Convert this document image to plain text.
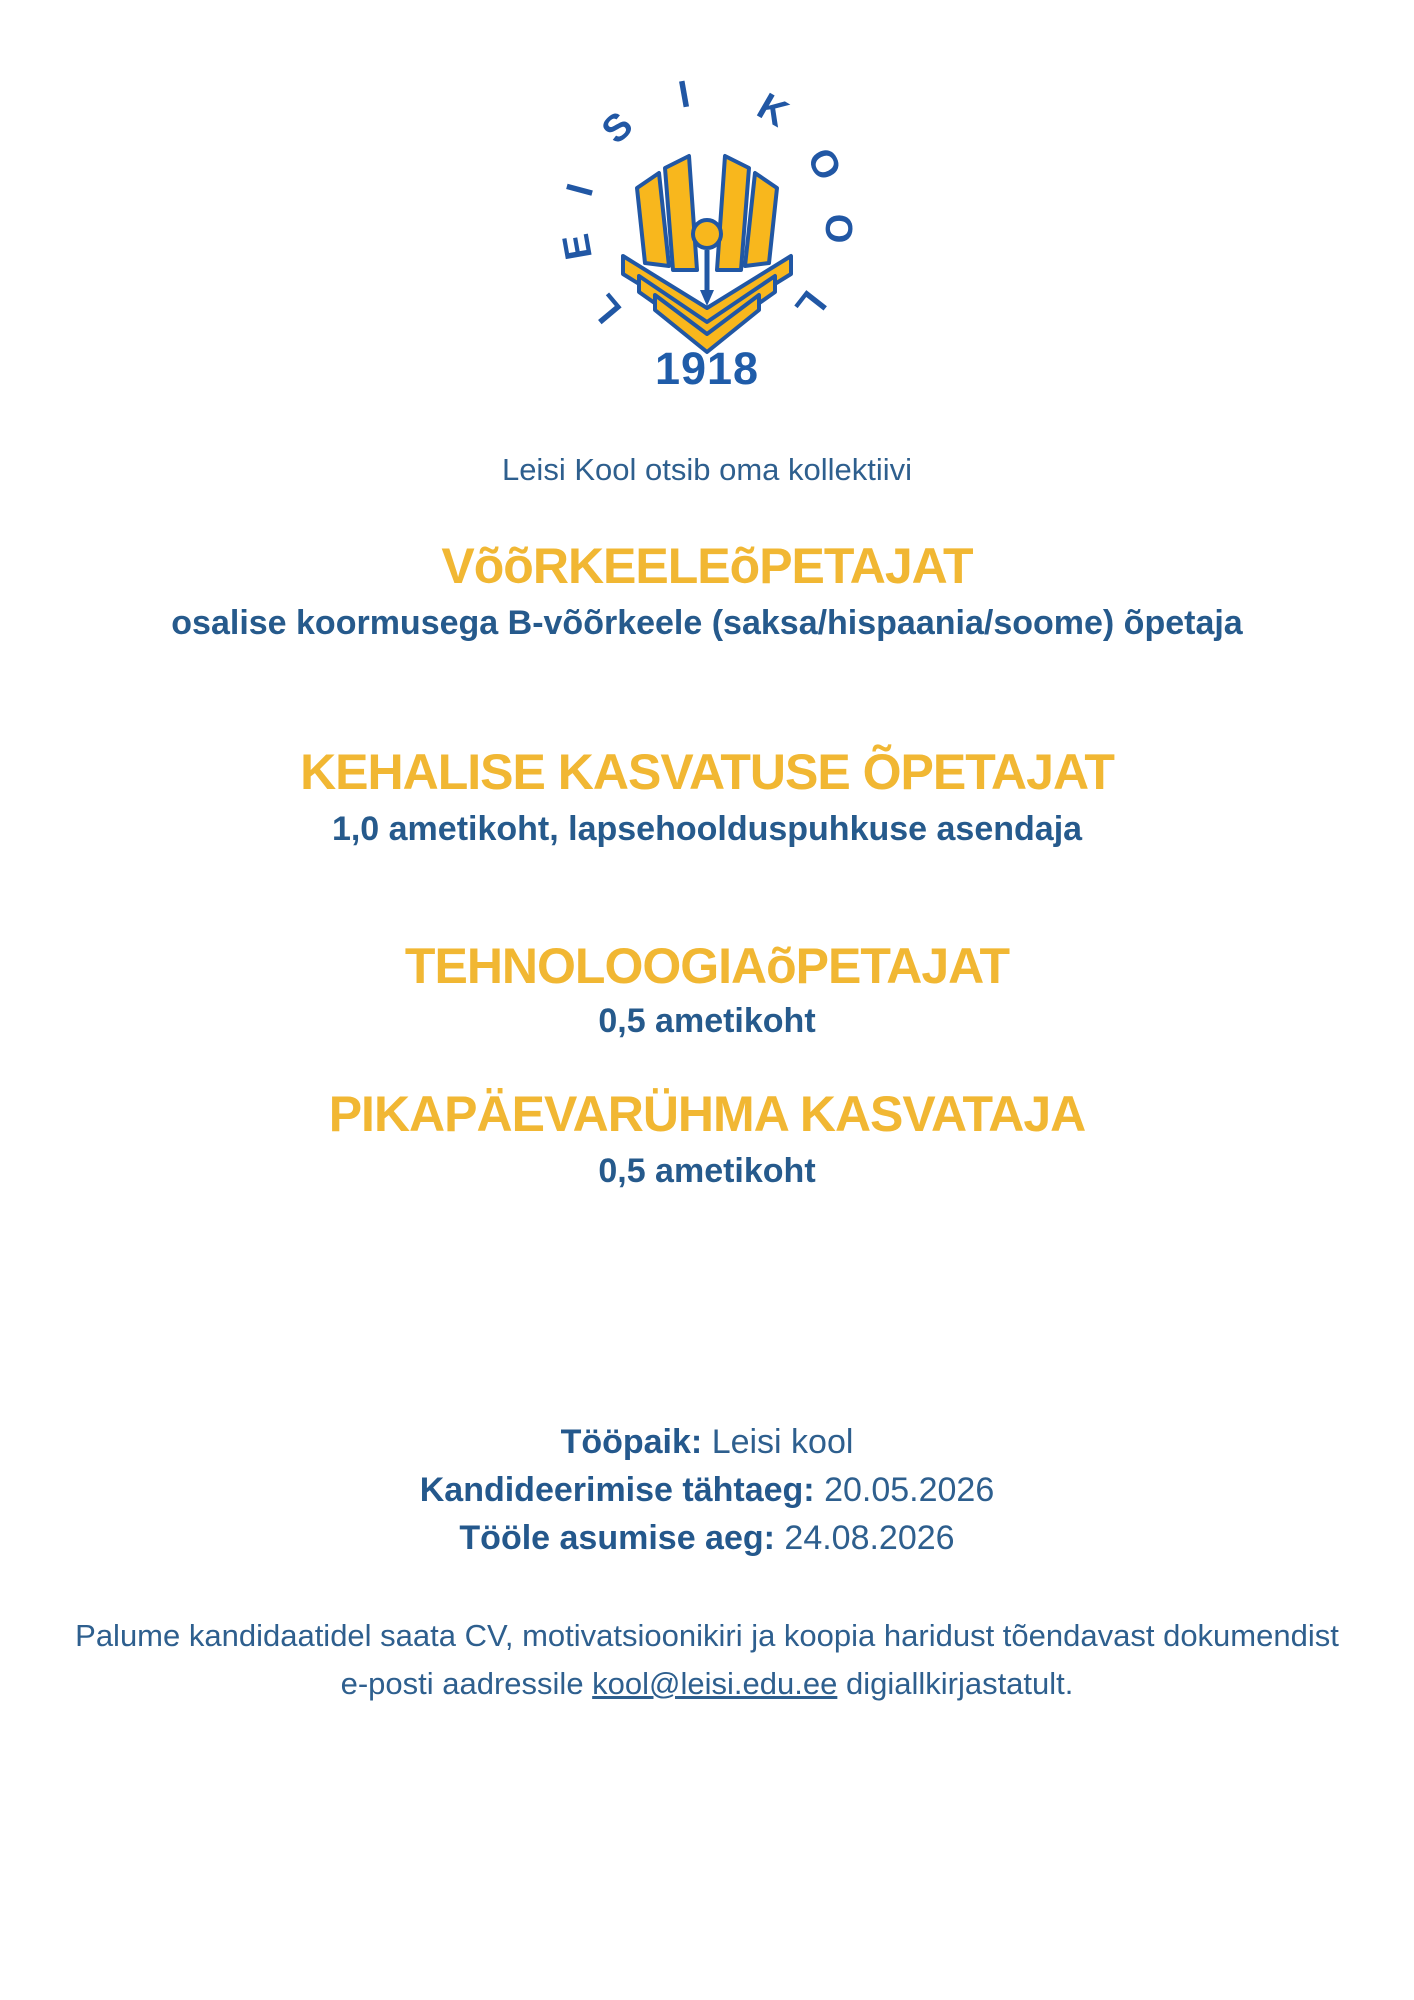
L
E
I
S
I K
O
O
L
1918

Leisi Kool otsib oma kollektiivi

VõõRKEELEõPETAJAT

osalise koormusega B-võõrkeele (saksa/hispaania/soome) õpetaja

KEHALISE KASVATUSE ÕPETAJAT

1,0 ametikoht, lapsehoolduspuhkuse asendaja

TEHNOLOOGIAõPETAJAT

0,5 ametikoht

PIKAPÄEVARÜHMA KASVATAJA

0,5 ametikoht

Tööpaik: Leisi kool

Kandideerimise tähtaeg: 20.05.2026

Tööle asumise aeg: 24.08.2026

Palume kandidaatidel saata CV, motivatsioonikiri ja koopia haridust tõendavast dokumendist e-posti aadressile kool@leisi.edu.ee digiallkirjastatult.
